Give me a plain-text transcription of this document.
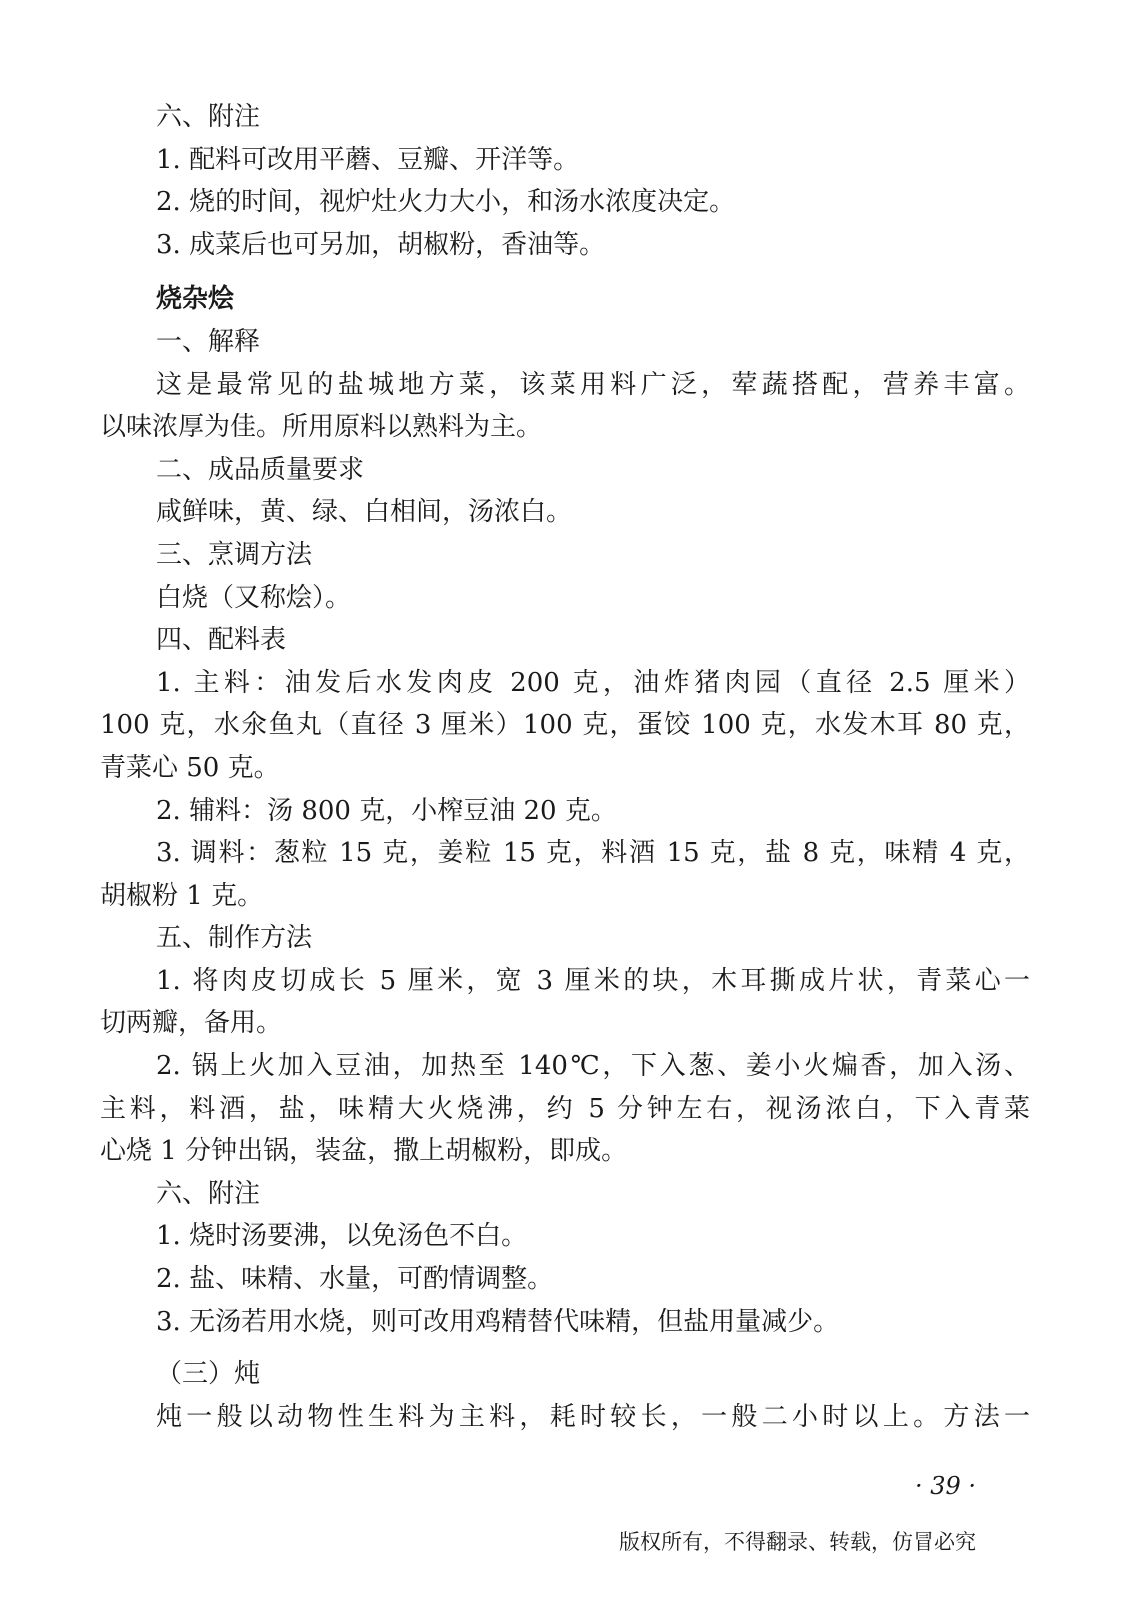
六、附注

1. 配料可改用平蘑、豆瓣、开洋等。

2. 烧的时间，视炉灶火力大小，和汤水浓度决定。

3. 成菜后也可另加，胡椒粉，香油等。

烧杂烩

一、解释

这是最常见的盐城地方菜，该菜用料广泛，荤蔬搭配，营养丰富。

以味浓厚为佳。所用原料以熟料为主。

二、成品质量要求

咸鲜味，黄、绿、白相间，汤浓白。

三、烹调方法

白烧（又称烩）。

四、配料表

1. 主料：油发后水发肉皮 200 克，油炸猪肉园（直径 2.5 厘米）

100 克，水氽鱼丸（直径 3 厘米）100 克，蛋饺 100 克，水发木耳 80 克，

青菜心 50 克。

2. 辅料：汤 800 克，小榨豆油 20 克。

3. 调料：葱粒 15 克，姜粒 15 克，料酒 15 克，盐 8 克，味精 4 克，

胡椒粉 1 克。

五、制作方法

1. 将肉皮切成长 5 厘米，宽 3 厘米的块，木耳撕成片状，青菜心一

切两瓣，备用。

2. 锅上火加入豆油，加热至 140℃，下入葱、姜小火煸香，加入汤、

主料，料酒，盐，味精大火烧沸，约 5 分钟左右，视汤浓白，下入青菜

心烧 1 分钟出锅，装盆，撒上胡椒粉，即成。

六、附注

1. 烧时汤要沸，以免汤色不白。

2. 盐、味精、水量，可酌情调整。

3. 无汤若用水烧，则可改用鸡精替代味精，但盐用量减少。

（三）炖

炖一般以动物性生料为主料，耗时较长，一般二小时以上。方法一

· 39 ·
版权所有，不得翻录、转载，仿冒必究
